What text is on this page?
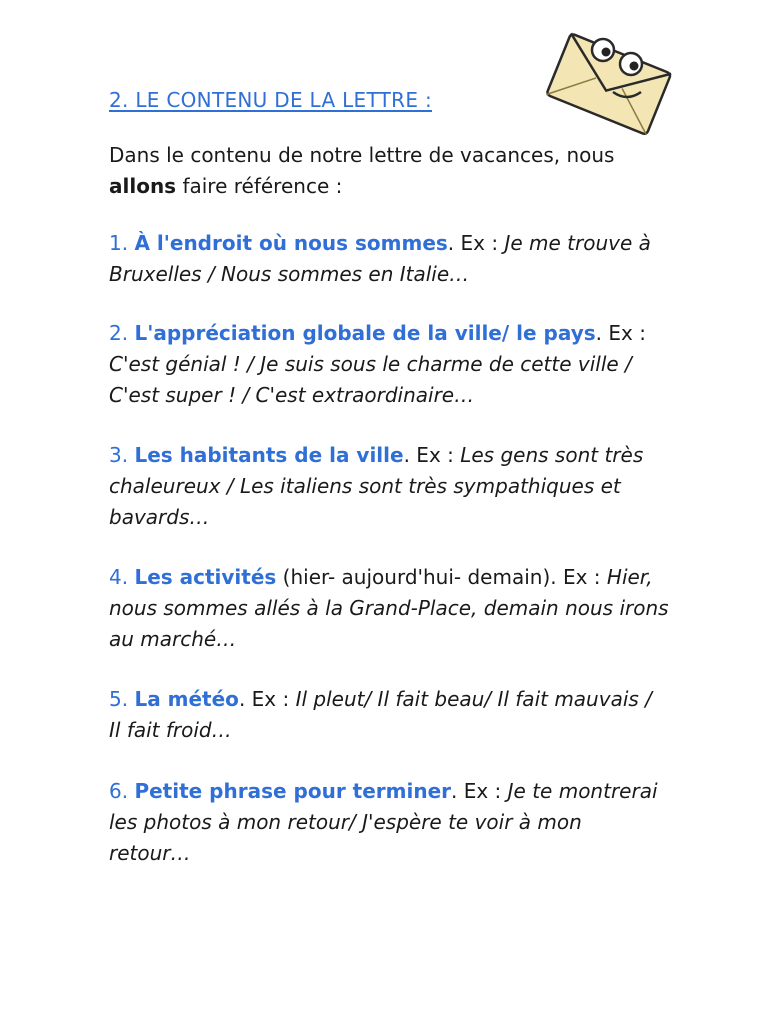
2. LE CONTENU DE LA LETTRE :
Dans le contenu de notre lettre de vacances, nous
allons faire référence :
1. À l'endroit où nous sommes. Ex : Je me trouve à Bruxelles / Nous sommes en Italie…
2. L'appréciation globale de la ville/ le pays. Ex : C'est génial ! / Je suis sous le charme de cette ville / C'est super ! / C'est extraordinaire…
3. Les habitants de la ville. Ex : Les gens sont très chaleureux / Les italiens sont très sympathiques et bavards…
4. Les activités (hier- aujourd'hui- demain). Ex : Hier, nous sommes allés à la Grand-Place, demain nous irons au marché…
5. La météo. Ex : Il pleut/ Il fait beau/ Il fait mauvais / Il fait froid…
6. Petite phrase pour terminer. Ex : Je te montrerai les photos à mon retour/ J'espère te voir à mon retour…
